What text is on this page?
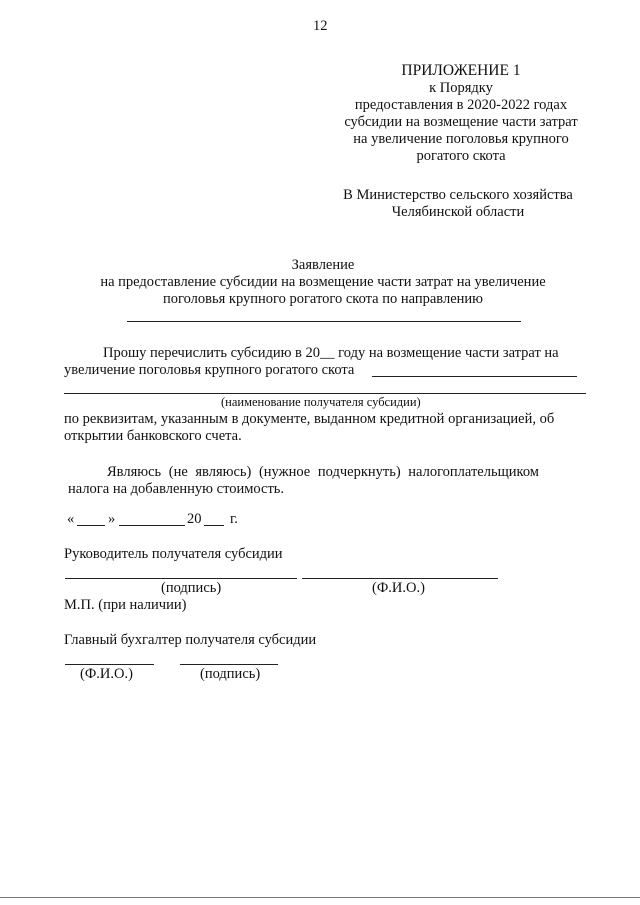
12
ПРИЛОЖЕНИЕ 1
к Порядку
предоставления в 2020-2022 годах
субсидии на возмещение части затрат
на увеличение поголовья крупного
рогатого скота
В Министерство сельского хозяйства
Челябинской области
Заявление
на предоставление субсидии на возмещение части затрат на увеличение
поголовья крупного рогатого скота по направлению
Прошу перечислить субсидию в 20__ году на возмещение части затрат на
увеличение поголовья крупного рогатого скота
(наименование получателя субсидии)
по реквизитам, указанным в документе, выданном кредитной организацией, об
открытии банковского счета.
Являюсь (не являюсь) (нужное подчеркнуть) налогоплательщиком
налога на добавленную стоимость.
« »	20 г.
Руководитель получателя субсидии
(подпись)	(Ф.И.О.)
М.П. (при наличии)
Главный бухгалтер получателя субсидии
(Ф.И.О.)	(подпись)
